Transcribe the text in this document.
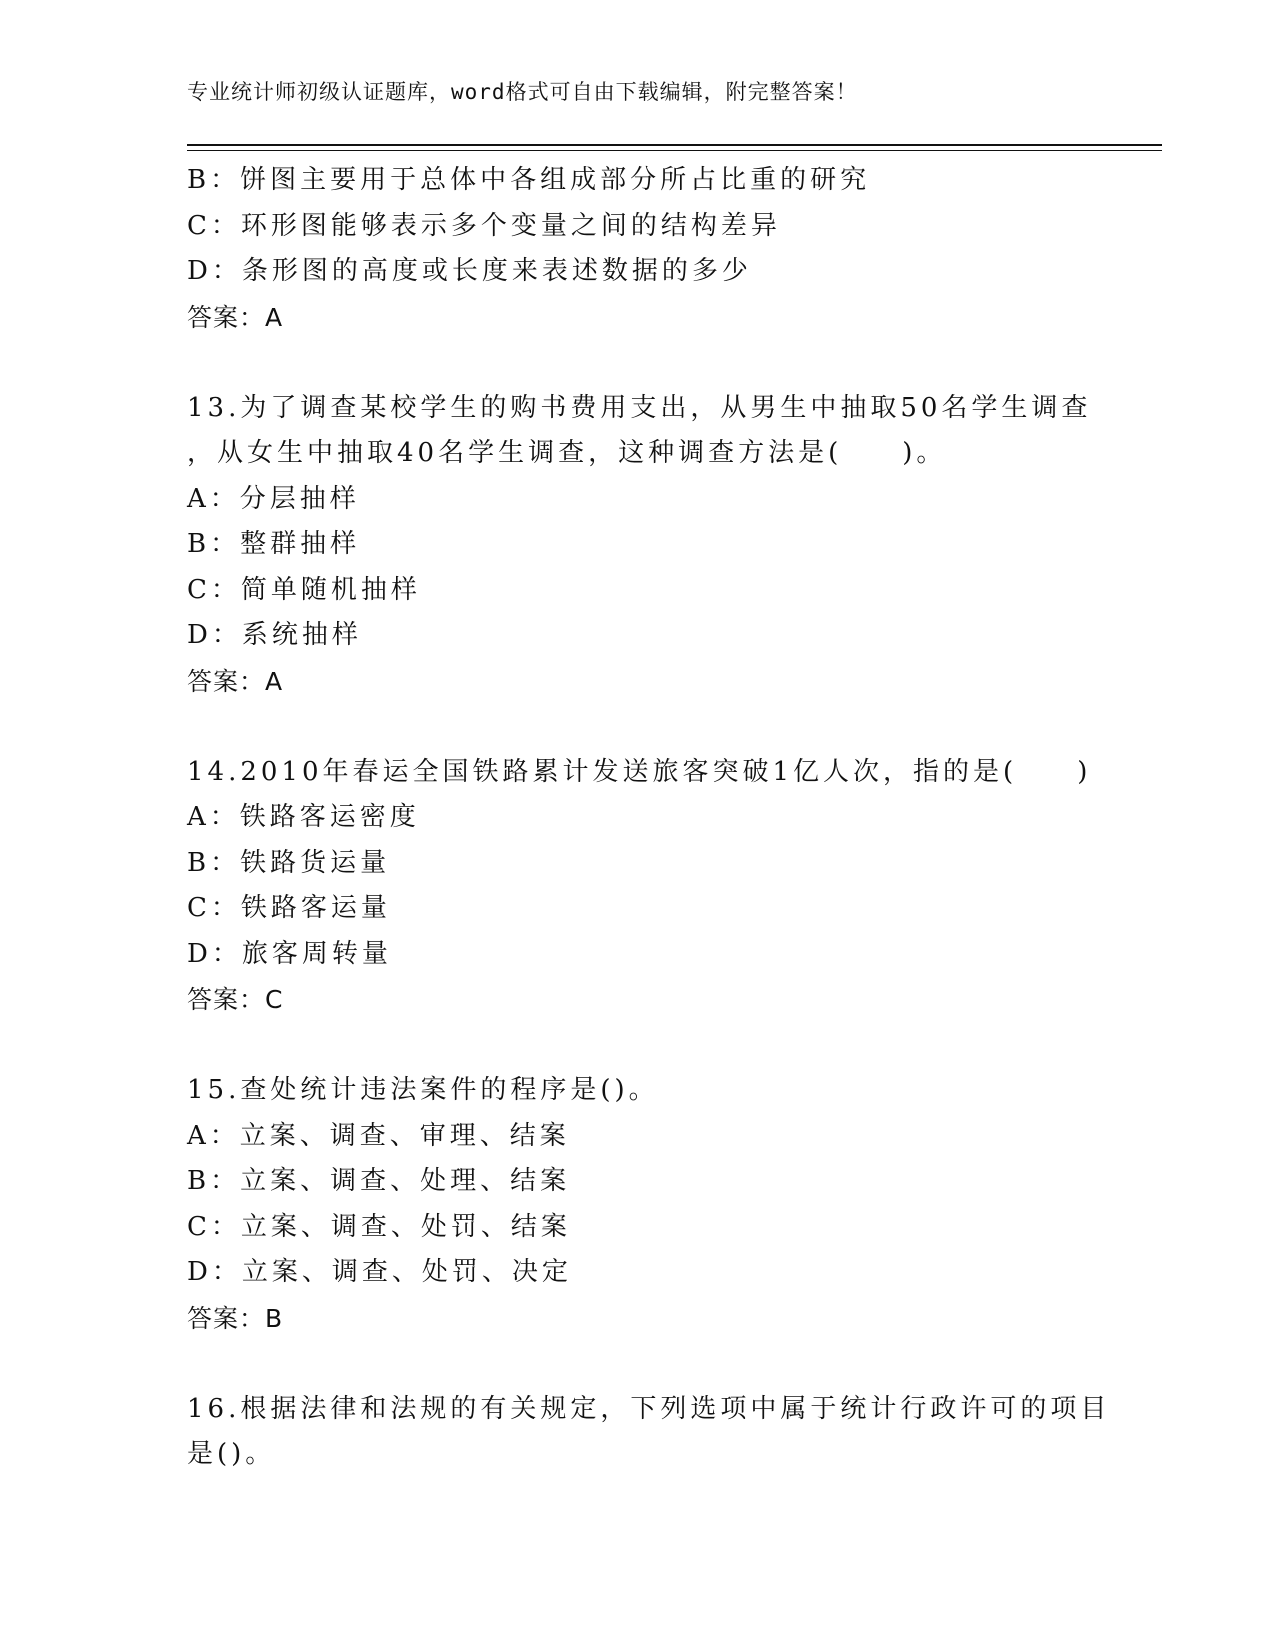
专业统计师初级认证题库，word格式可自由下载编辑，附完整答案！
B：饼图主要用于总体中各组成部分所占比重的研究
C：环形图能够表示多个变量之间的结构差异
D：条形图的高度或长度来表述数据的多少
答案：A
13.为了调查某校学生的购书费用支出，从男生中抽取50名学生调查
，从女生中抽取40名学生调查，这种调查方法是(　　)。
A：分层抽样
B：整群抽样
C：简单随机抽样
D：系统抽样
答案：A
14.2010年春运全国铁路累计发送旅客突破1亿人次，指的是(　　)
A：铁路客运密度
B：铁路货运量
C：铁路客运量
D：旅客周转量
答案：C
15.查处统计违法案件的程序是()。
A：立案、调查、审理、结案
B：立案、调查、处理、结案
C：立案、调查、处罚、结案
D：立案、调查、处罚、决定
答案：B
16.根据法律和法规的有关规定，下列选项中属于统计行政许可的项目
是()。
